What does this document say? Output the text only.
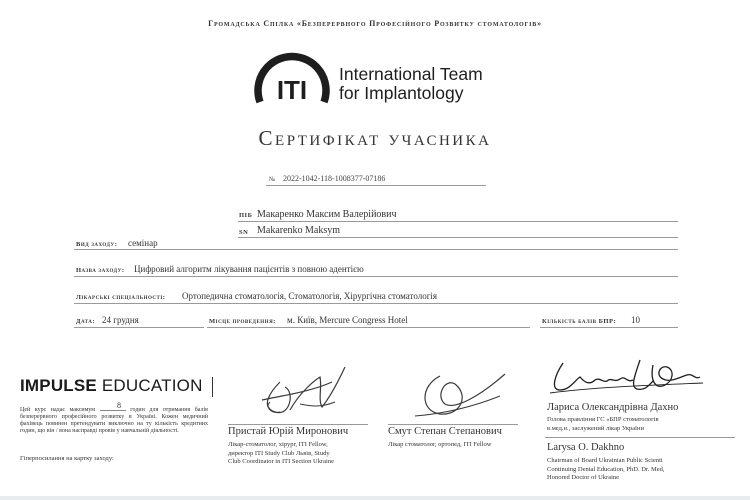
Громадська Спілка «Безперервного Професійного Розвитку стоматологів»
ITI
International Team
for Implantology
Сертифікат учасника
№ 2022-1042-118-1008377-07186
ПІБ Макаренко Максим Валерійович
SN Makarenko Maksym
Вид заходу: семінар
Назва заходу: Цифровий алгоритм лікування пацієнтів з повною адентією
Лікарські спеціальності: Ортопедична стоматологія, Стоматологія, Хірургічна стоматологія
Дата: 24 грудня	Місце проведення: м. Київ, Mercure Congress Hotel	Кількість балів БПР: 10
IMPULSE EDUCATION
8
Цей курс надає максимум	годин для отримання балів безперервного професійного розвитку в Україні. Кожен медичний фахівець повинен претендувати виключно на ту кількість кредитних годин, що він / вона насправді провів у навчальній діяльності.
Гіперпосилання на картку заходу:
Пристай Юрій Миронович
Лікар-стоматолог, хірург, ITI Fellow,
директор ITI Study Club Львів, Study
Club Coordinator in ITI Section Ukraine
Смут Степан Степанович
Лікар стоматолог, ортопед, ITI Fellow
Лариса Олександрівна Дахно
Голова правління ГС «БПР стоматологів
в.мед.н., заслужений лікар України
Larysa O. Dakhno
Chairman of Board Ukrainian Public Scienti
Continuing Dental Education, PhD. Dr. Med,
Honored Doctor of Ukraine
